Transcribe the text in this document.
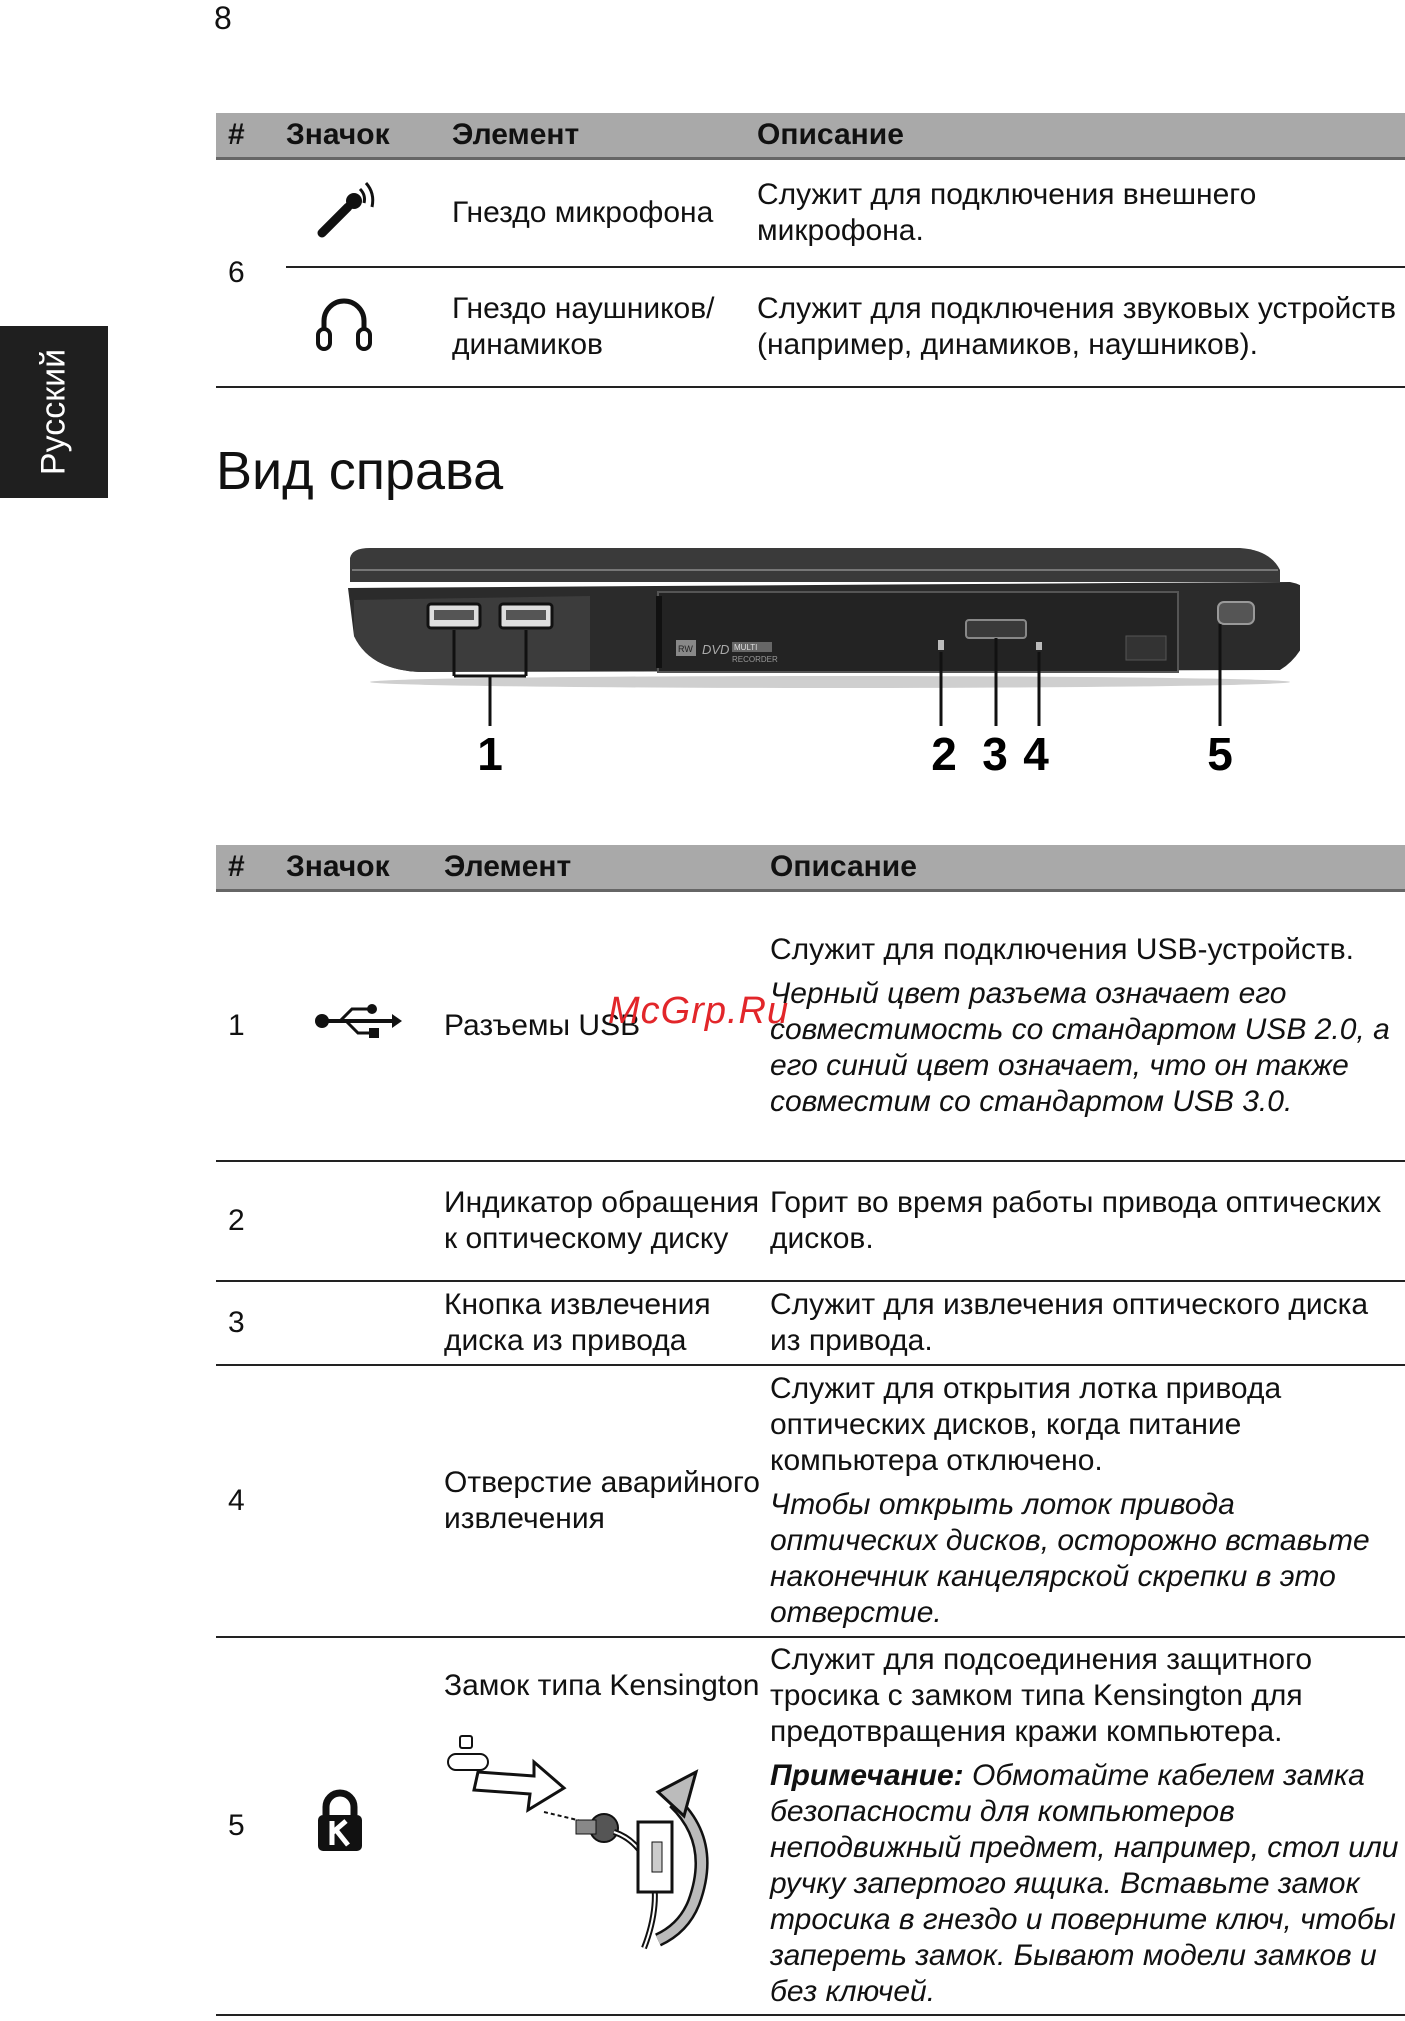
8
Русский
#	Значок	Элемент	Описание
6		Гнездо микрофона	Служит для подключения внешнего микрофона.

	Гнездо наушников/ динамиков	Служит для подключения звуковых устройств (например, динамиков, наушников).

Вид справа
RW DVD MULTI
RECORDER
1	2 3 4	5
#	Значок	Элемент	Описание
1		Разъемы USB	Служит для подключения USB-устройств.

Черный цвет разъема означает его совместимость со стандартом USB 2.0, а его синий цвет означает, что он также совместим со стандартом USB 3.0.

2		Индикатор обращения к оптическому диску	Горит во время работы привода оптических дисков.

3		Кнопка извлечения диска из привода	Служит для извлечения оптического диска из привода.

4		Отверстие аварийного извлечения	Служит для открытия лотка привода оптических дисков, когда питание компьютера отключено.

Чтобы открыть лоток привода оптических дисков, осторожно вставьте наконечник канцелярской скрепки в это отверстие.

5		Замок типа Kensington	Служит для подсоединения защитного тросика с замком типа Kensington для предотвращения кражи компьютера.

Примечание: Обмотайте кабелем замка безопасности для компьютеров неподвижный предмет, например, стол или ручку запертого ящика. Вставьте замок тросика в гнездо и поверните ключ, чтобы запереть замок. Бывают модели замков и без ключей.

McGrp.Ru
